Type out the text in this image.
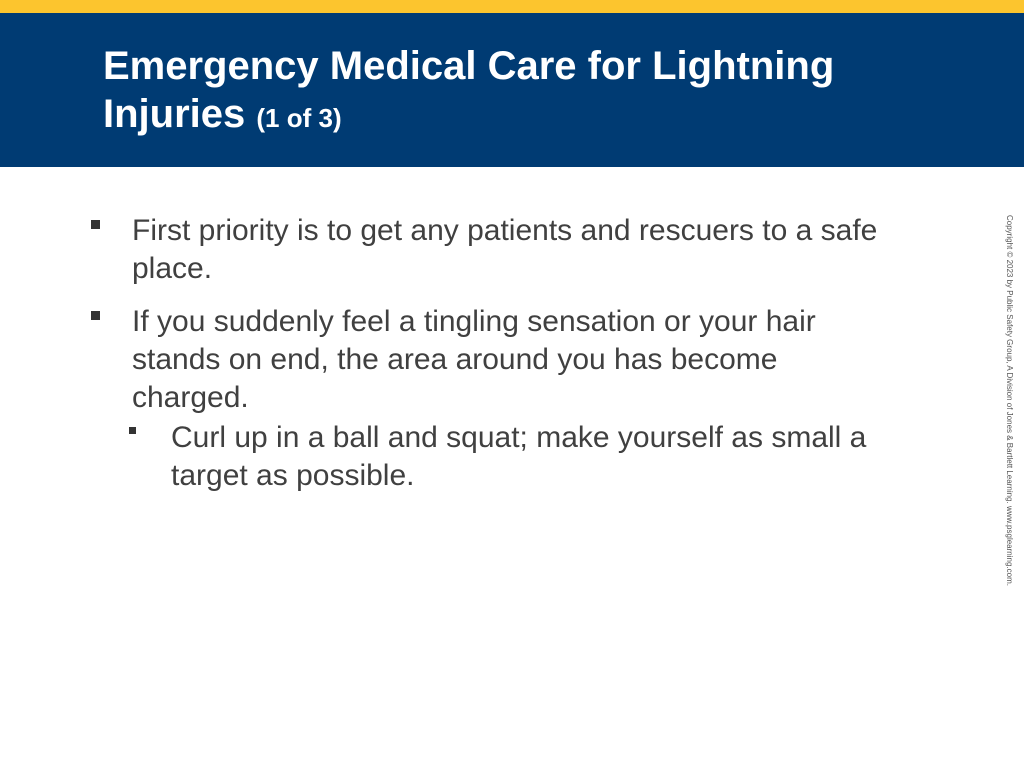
Emergency Medical Care for Lightning Injuries (1 of 3)
First priority is to get any patients and rescuers to a safe place.
If you suddenly feel a tingling sensation or your hair stands on end, the area around you has become charged.
Curl up in a ball and squat; make yourself as small a target as possible.	Copyright © 2023 by Public Safety Group, A Division of Jones & Bartlett Learning. www.psglearning.com.
